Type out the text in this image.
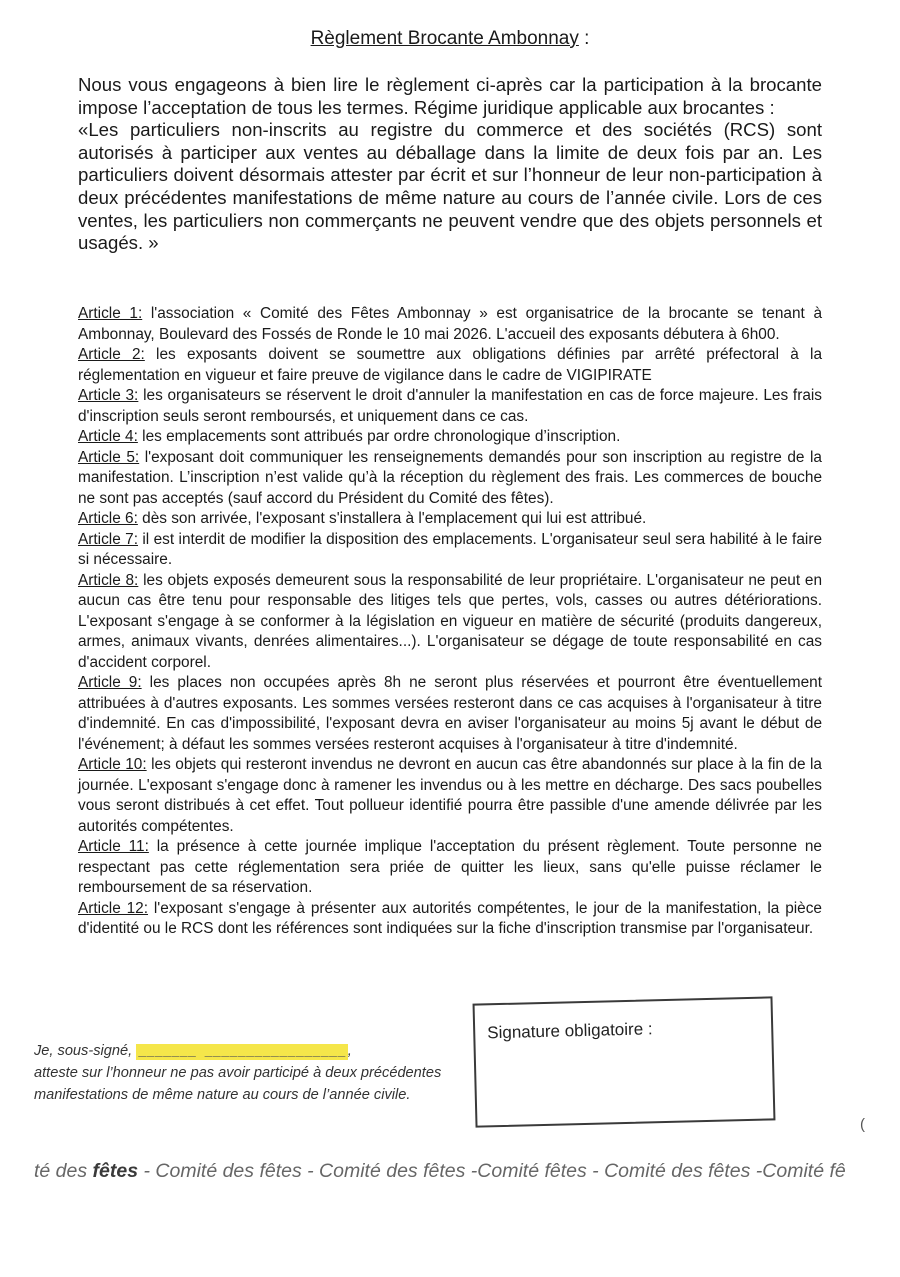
Règlement Brocante Ambonnay :

Nous vous engageons à bien lire le règlement ci-après car la participation à la brocante impose l’acceptation de tous les termes. Régime juridique applicable aux brocantes :

«Les particuliers non-inscrits au registre du commerce et des sociétés (RCS) sont autorisés à participer aux ventes au déballage dans la limite de deux fois par an. Les particuliers doivent désormais attester par écrit et sur l’honneur de leur non-participation à deux précédentes manifestations de même nature au cours de l’année civile. Lors de ces ventes, les particuliers non commerçants ne peuvent vendre que des objets personnels et usagés. »

Article 1: l'association « Comité des Fêtes Ambonnay » est organisatrice de la brocante se tenant à Ambonnay, Boulevard des Fossés de Ronde le 10 mai 2026. L'accueil des exposants débutera à 6h00.

Article 2: les exposants doivent se soumettre aux obligations définies par arrêté préfectoral à la réglementation en vigueur et faire preuve de vigilance dans le cadre de VIGIPIRATE

Article 3: les organisateurs se réservent le droit d'annuler la manifestation en cas de force majeure. Les frais d'inscription seuls seront remboursés, et uniquement dans ce cas.

Article 4: les emplacements sont attribués par ordre chronologique d’inscription.

Article 5: l'exposant doit communiquer les renseignements demandés pour son inscription au registre de la manifestation. L’inscription n’est valide qu’à la réception du règlement des frais. Les commerces de bouche ne sont pas acceptés (sauf accord du Président du Comité des fêtes).

Article 6: dès son arrivée, l'exposant s'installera à l'emplacement qui lui est attribué.

Article 7: il est interdit de modifier la disposition des emplacements. L'organisateur seul sera habilité à le faire si nécessaire.

Article 8: les objets exposés demeurent sous la responsabilité de leur propriétaire. L'organisateur ne peut en aucun cas être tenu pour responsable des litiges tels que pertes, vols, casses ou autres détériorations. L'exposant s'engage à se conformer à la législation en vigueur en matière de sécurité (produits dangereux, armes, animaux vivants, denrées alimentaires...). L'organisateur se dégage de toute responsabilité en cas d'accident corporel.

Article 9: les places non occupées après 8h ne seront plus réservées et pourront être éventuellement attribuées à d'autres exposants. Les sommes versées resteront dans ce cas acquises à l'organisateur à titre d'indemnité. En cas d'impossibilité, l'exposant devra en aviser l'organisateur au moins 5j avant le début de l'événement; à défaut les sommes versées resteront acquises à l'organisateur à titre d'indemnité.

Article 10: les objets qui resteront invendus ne devront en aucun cas être abandonnés sur place à la fin de la journée. L'exposant s'engage donc à ramener les invendus ou à les mettre en décharge. Des sacs poubelles vous seront distribués à cet effet. Tout pollueur identifié pourra être passible d'une amende délivrée par les autorités compétentes.

Article 11: la présence à cette journée implique l'acceptation du présent règlement. Toute personne ne respectant pas cette réglementation sera priée de quitter les lieux, sans qu'elle puisse réclamer le remboursement de sa réservation.

Article 12: l'exposant s'engage à présenter aux autorités compétentes, le jour de la manifestation, la pièce d'identité ou le RCS dont les références sont indiquées sur la fiche d'inscription transmise par l'organisateur.

Je, sous-signé, _______ _________________ ,
atteste sur l’honneur ne pas avoir participé à deux précédentes manifestations de même nature au cours de l’année civile.
Signature obligatoire :
(
té des fêtes - Comité des fêtes - Comité des fêtes -Comité fêtes - Comité des fêtes -Comité fê
